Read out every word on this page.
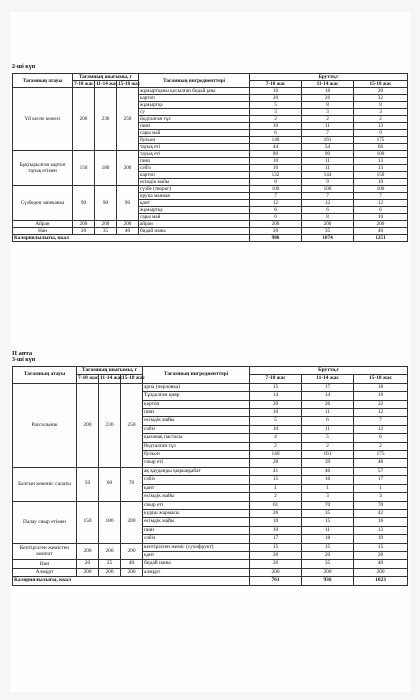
2-ші күн
Тағамның атауы	Тағамның шығымы, г			Тағамның ингредиенттері	Брутто,г		
	7-10 жас	11-14 жас	15-18 жас		7-10 жас	11-14 жас	15-18 жас
Үй кеспе көжесі	200	230	250	жұмыртқаны қосылған бидай ұны	16	18	20
				картоп	20	26	32
				жұмыртқа	5	8	8
				су	3	3	3
				йодталған тұз	2	2	2
				пияз	10	11	13
				сары май	6	7	9
				бульон	140	161	175
				тауық еті	44	54	66
Бұқтырылған картоп тауық етімен	150	180	200	тауық еті	80	90	100
				пияз	10	11	13
				сәбіз	10	11	13
				картоп	132	144	150
				өсімдік майы	8	9	10
Сүзбеден запеканка	90	90	90	сүзбе (творог)	100	100	100
				крупа манная	7	7	7
				қант	12	12	12
				жұмыртқа	6	6	6
				сары май	6	8	10
Айран	200	200	200	айран	200	200	200
Нан	20	35	40	бидай наны	20	35	40
Калориялылығы, ккал					986	1074	1251
ІІ апта
3-ші күн
Тағамның атауы	Тағамның шығымы, г			Тағамның ингредиенттері	Брутто,г		
	7-10 жас	11-14 жас	15-18 жас		7-10 жас	11-14 жас	15-18 жас
Рассольник	200	230	250	арпа (перловка)	15	17	18
				Тұздалған қияр	14	14	16
				картоп	20	26	32
				пияз	10	11	12
				өсімдік майы	5	6	7
				сәбіз	10	11	12
				қызанақ пастасы	4	5	6
				йодталған тұз	2	2	2
				бульон	140	161	175
				сиыр еті	28	39	48
Балғын көкөніс салаты	50	60	70	ақ қауданды қырыққабат	41	46	57
				сәбіз	15	16	17
				қант	1	1	1
				өсімдік майы	2	3	3
Палау сиыр етімен	150	180	200	сиыр еті	61	70	70
				күріш жармасы	26	35	42
				өсімдік майы	10	15	16
				пияз	10	11	13
				сәбіз	17	18	19
Кептірілген жемістен компот	200	200	200	кептірілген жеміс (сухофрукт)	15	15	15
				қант	20	20	20
Нан	20	35	40	бидай наны	20	35	40
Алмұрт	200	200	200	алмұрт	200	200	200
Калориялылығы, ккал					761	936	1023
